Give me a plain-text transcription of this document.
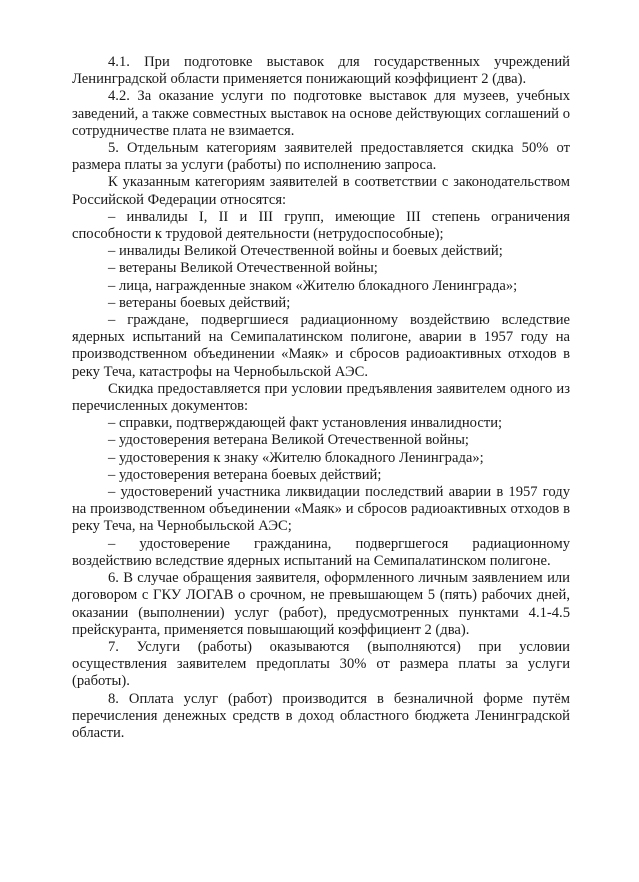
4.1. При подготовке выставок для государственных учреждений Ленинградской области применяется понижающий коэффициент 2 (два).

4.2. За оказание услуги по подготовке выставок для музеев, учебных заведений, а также совместных выставок на основе действующих соглашений о сотрудничестве плата не взимается.

5. Отдельным категориям заявителей предоставляется скидка 50% от размера платы за услуги (работы) по исполнению запроса.

К указанным категориям заявителей в соответствии с законодательством Российской Федерации относятся:

– инвалиды I, II и III групп, имеющие III степень ограничения способности к трудовой деятельности (нетрудоспособные);

– инвалиды Великой Отечественной войны и боевых действий;

– ветераны Великой Отечественной войны;

– лица, награжденные знаком «Жителю блокадного Ленинграда»;

– ветераны боевых действий;

– граждане, подвергшиеся радиационному воздействию вследствие ядерных испытаний на Семипалатинском полигоне, аварии в 1957 году на производственном объединении «Маяк» и сбросов радиоактивных отходов в реку Теча, катастрофы на Чернобыльской АЭС.

Скидка предоставляется при условии предъявления заявителем одного из перечисленных документов:

– справки, подтверждающей факт установления инвалидности;

– удостоверения ветерана Великой Отечественной войны;

– удостоверения к знаку «Жителю блокадного Ленинграда»;

– удостоверения ветерана боевых действий;

– удостоверений участника ликвидации последствий аварии в 1957 году на производственном объединении «Маяк» и сбросов радиоактивных отходов в реку Теча, на Чернобыльской АЭС;

– удостоверение гражданина, подвергшегося радиационному воздействию вследствие ядерных испытаний на Семипалатинском полигоне.

6. В случае обращения заявителя, оформленного личным заявлением или договором с ГКУ ЛОГАВ о срочном, не превышающем 5 (пять) рабочих дней, оказании (выполнении) услуг (работ), предусмотренных пунктами 4.1-4.5 прейскуранта, применяется повышающий коэффициент 2 (два).

7. Услуги (работы) оказываются (выполняются) при условии осуществления заявителем предоплаты 30% от размера платы за услуги (работы).

8. Оплата услуг (работ) производится в безналичной форме путём перечисления денежных средств в доход областного бюджета Ленинградской области.
